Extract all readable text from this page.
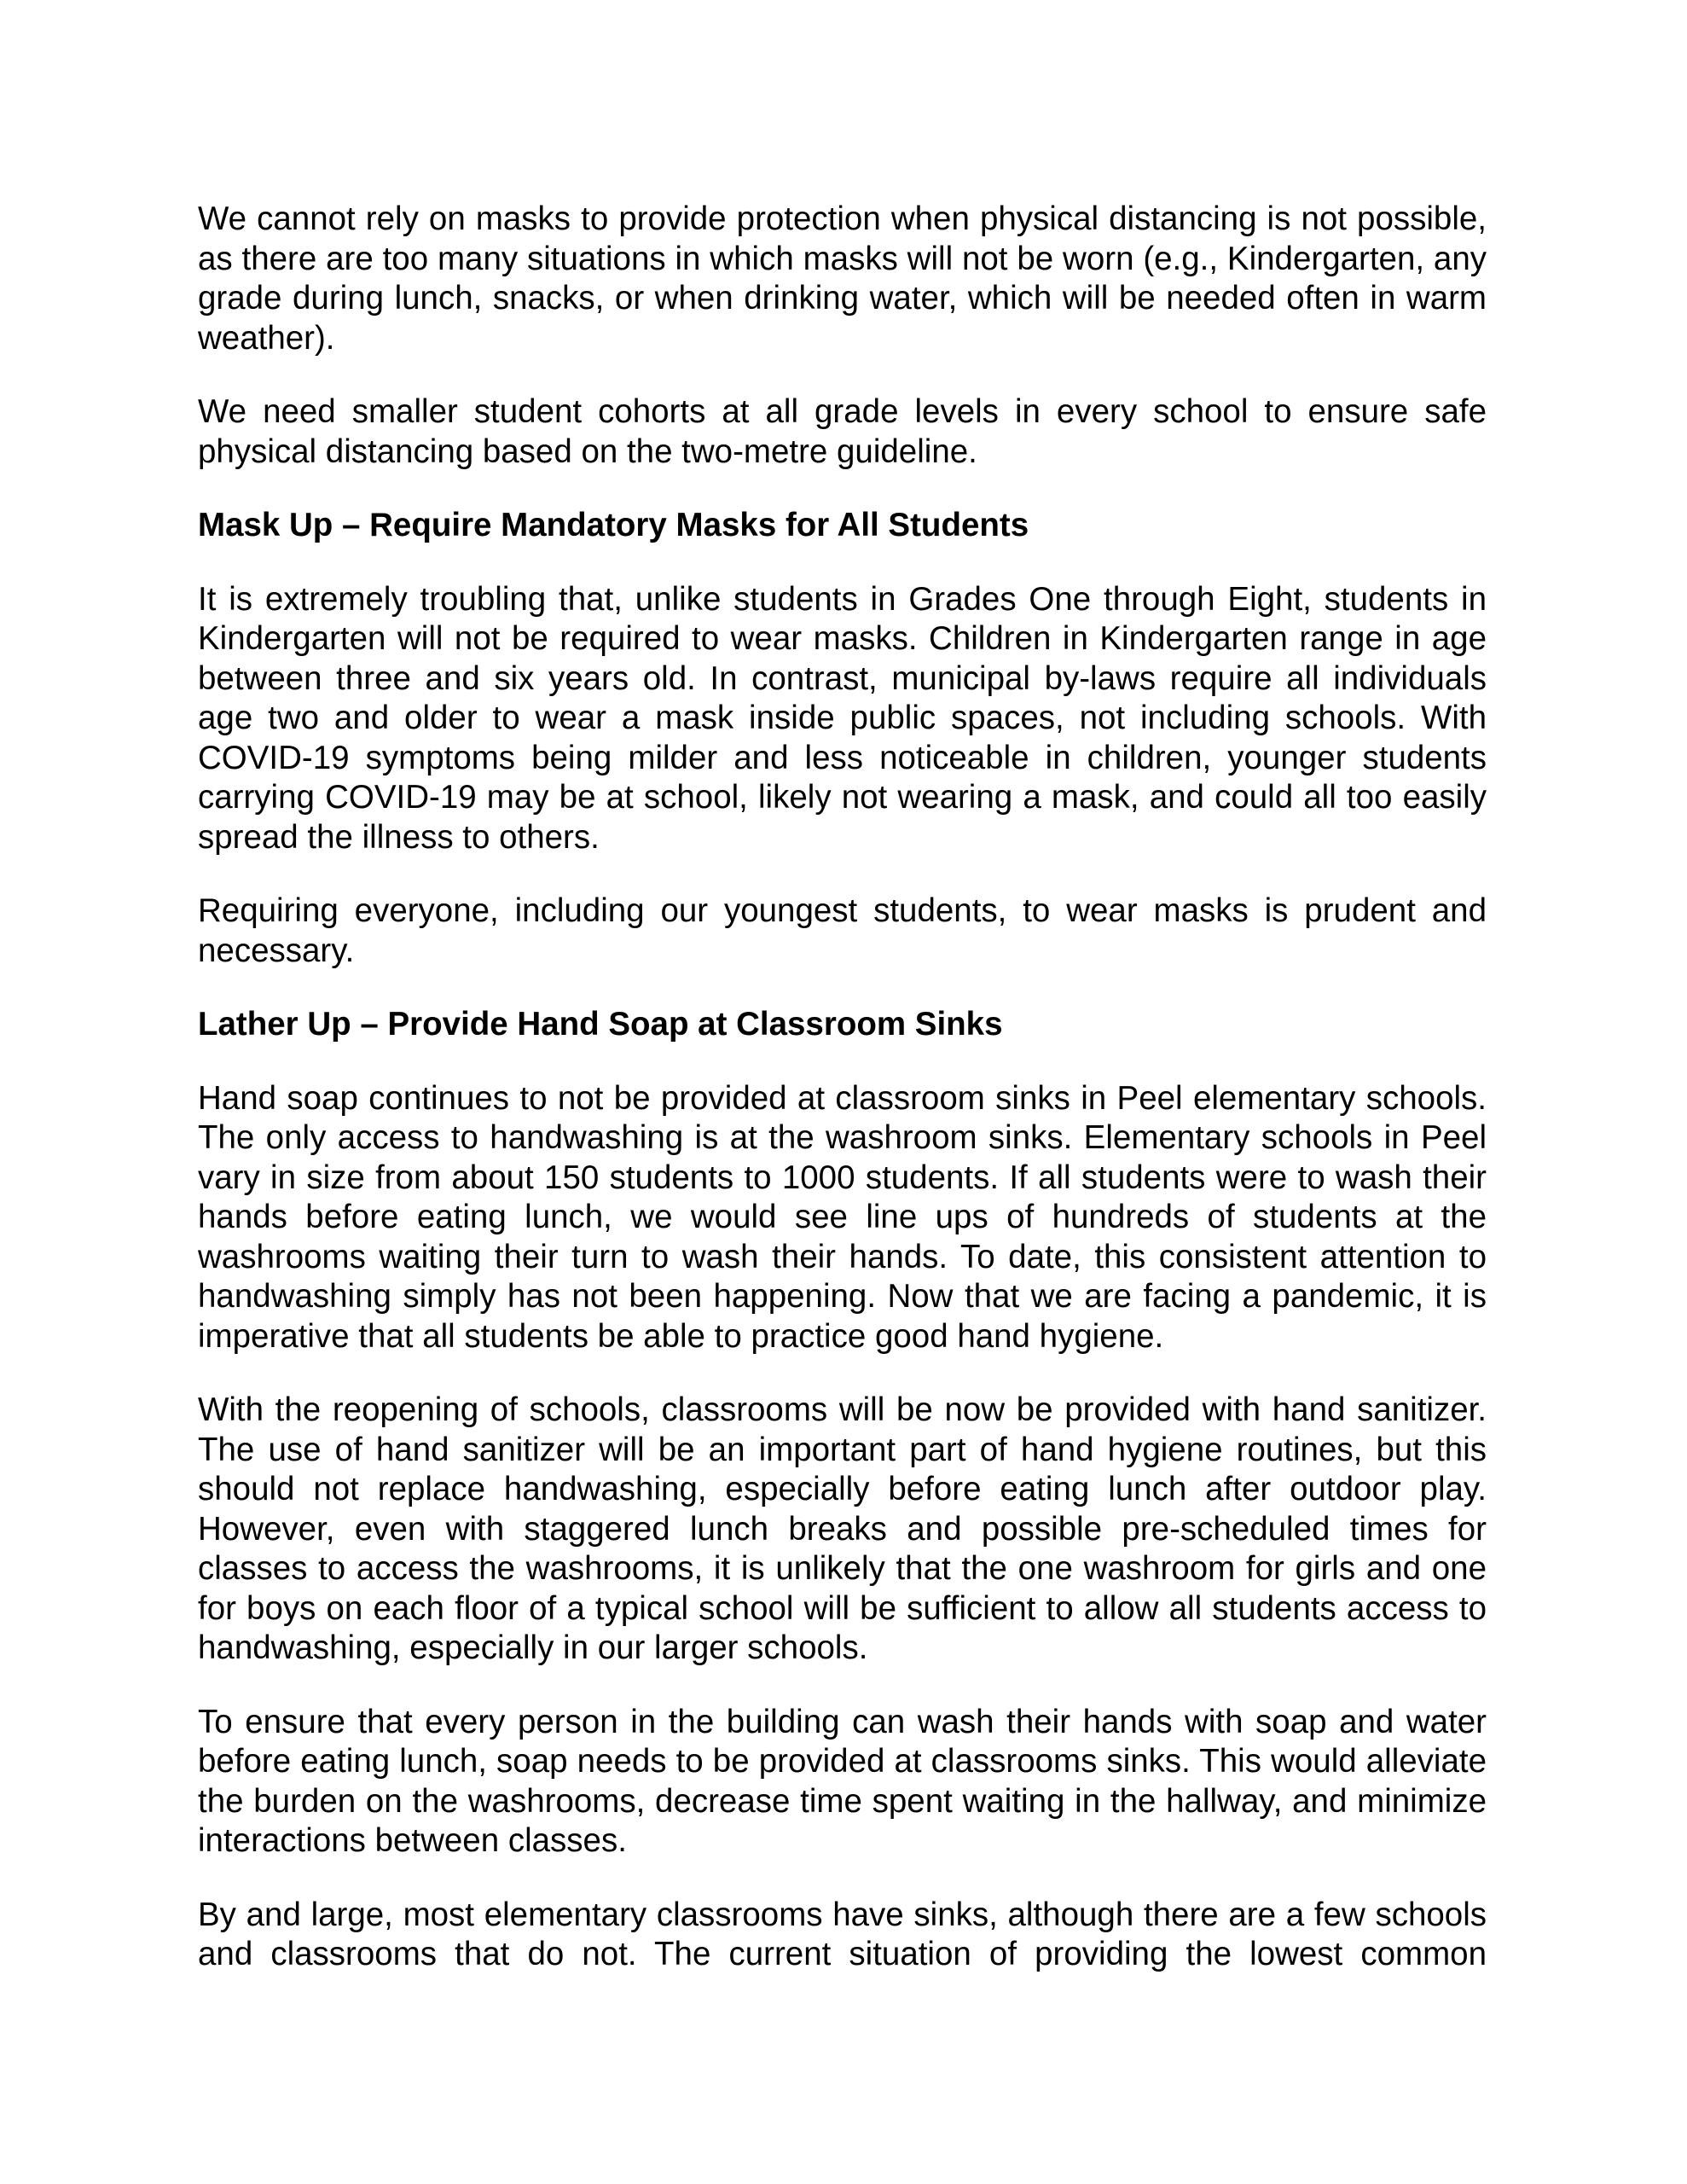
We cannot rely on masks to provide protection when physical distancing is not possible, as there are too many situations in which masks will not be worn (e.g., Kindergarten, any grade during lunch, snacks, or when drinking water, which will be needed often in warm weather).

We need smaller student cohorts at all grade levels in every school to ensure safe physical distancing based on the two-metre guideline.

Mask Up – Require Mandatory Masks for All Students

It is extremely troubling that, unlike students in Grades One through Eight, students in Kindergarten will not be required to wear masks. Children in Kindergarten range in age between three and six years old. In contrast, municipal by-laws require all individuals age two and older to wear a mask inside public spaces, not including schools. With COVID-19 symptoms being milder and less noticeable in children, younger students carrying COVID-19 may be at school, likely not wearing a mask, and could all too easily spread the illness to others.

Requiring everyone, including our youngest students, to wear masks is prudent and necessary.

Lather Up – Provide Hand Soap at Classroom Sinks

Hand soap continues to not be provided at classroom sinks in Peel elementary schools. The only access to handwashing is at the washroom sinks. Elementary schools in Peel vary in size from about 150 students to 1000 students. If all students were to wash their hands before eating lunch, we would see line ups of hundreds of students at the washrooms waiting their turn to wash their hands. To date, this consistent attention to handwashing simply has not been happening. Now that we are facing a pandemic, it is imperative that all students be able to practice good hand hygiene.

With the reopening of schools, classrooms will be now be provided with hand sanitizer. The use of hand sanitizer will be an important part of hand hygiene routines, but this should not replace handwashing, especially before eating lunch after outdoor play. However, even with staggered lunch breaks and possible pre-scheduled times for classes to access the washrooms, it is unlikely that the one washroom for girls and one for boys on each floor of a typical school will be sufficient to allow all students access to handwashing, especially in our larger schools.

To ensure that every person in the building can wash their hands with soap and water before eating lunch, soap needs to be provided at classrooms sinks. This would alleviate the burden on the washrooms, decrease time spent waiting in the hallway, and minimize interactions between classes.

By and large, most elementary classrooms have sinks, although there are a few schools and classrooms that do not. The current situation of providing the lowest common
